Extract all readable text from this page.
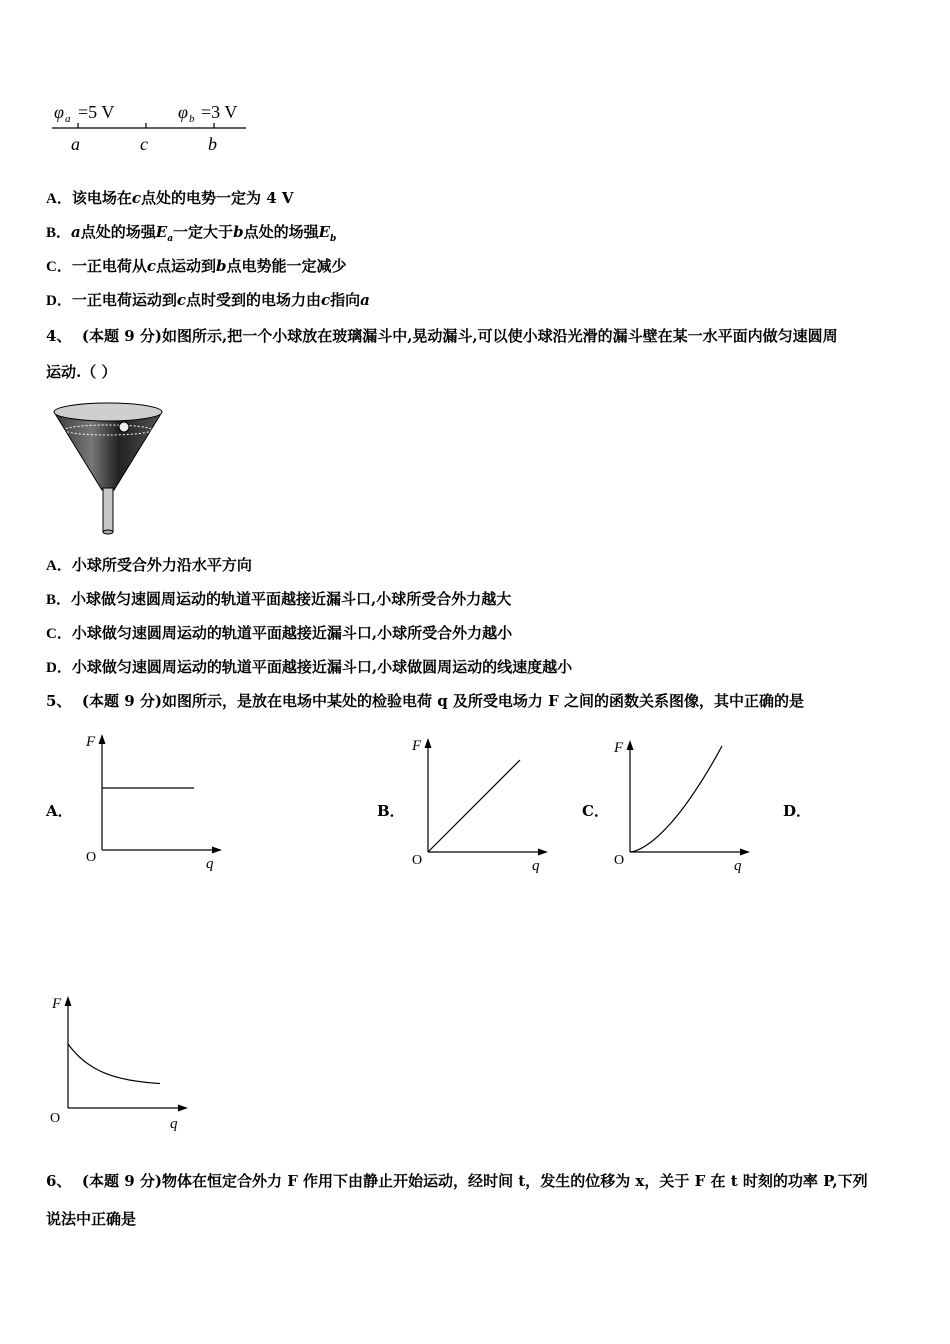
φ a =5 V	φ b =3 V
a	c	b
A．该电场在c点处的电势一定为 4 V
B．a点处的场强$E_a$一定大于b点处的场强$E_b$
C．一正电荷从c点运动到b点电势能一定减少
D．一正电荷运动到c点时受到的电场力由c指向a
4、 (本题 9 分)如图所示,把一个小球放在玻璃漏斗中,晃动漏斗,可以使小球沿光滑的漏斗壁在某一水平面内做匀速圆周
运动.（ ）
A．小球所受合外力沿水平方向
B．小球做匀速圆周运动的轨道平面越接近漏斗口,小球所受合外力越大
C．小球做匀速圆周运动的轨道平面越接近漏斗口,小球所受合外力越小
D．小球做匀速圆周运动的轨道平面越接近漏斗口,小球做圆周运动的线速度越小
5、 (本题 9 分)如图所示，是放在电场中某处的检验电荷 q 及所受电场力 F 之间的函数关系图像，其中正确的是
A．	B．	C．	D．
F
q
O
F
q
O
F
q
O
F
q
O
6、 (本题 9 分)物体在恒定合外力 F 作用下由静止开始运动，经时间 t，发生的位移为 x，关于 F 在 t 时刻的功率 P,下列
说法中正确是
